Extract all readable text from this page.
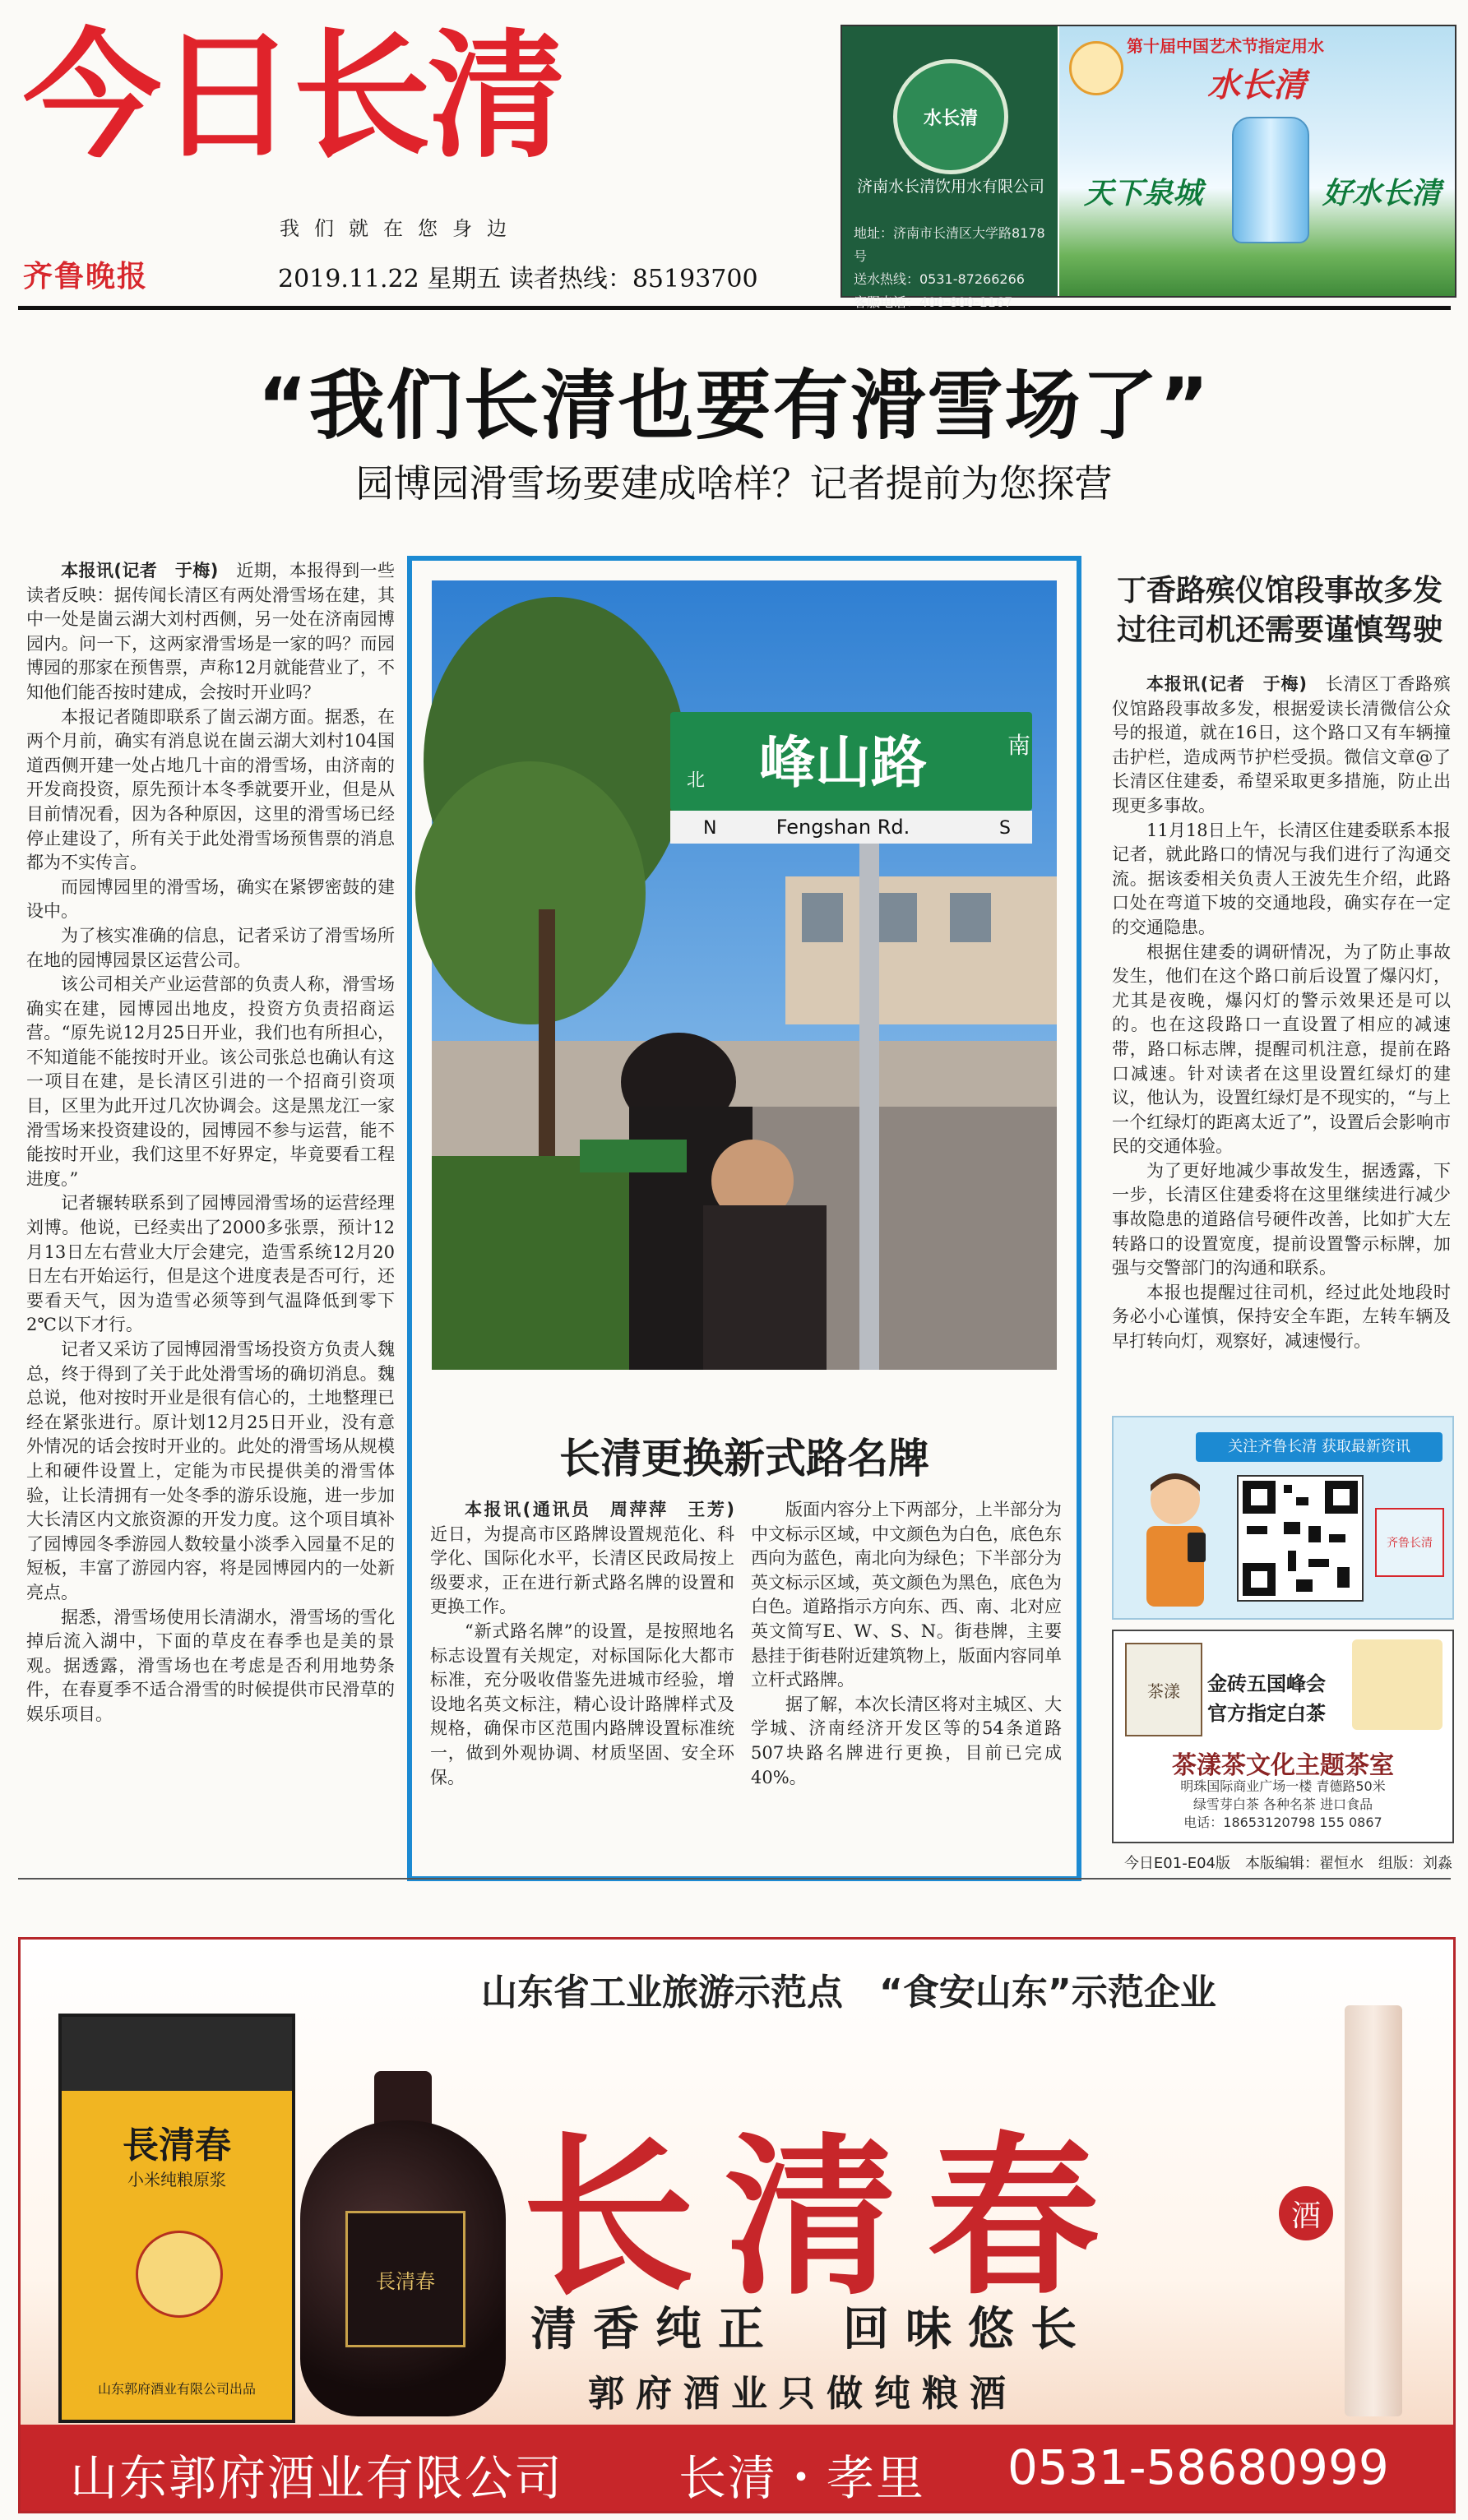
今日长清
我们就在您身边
齐鲁晚报	2019.11.22 星期五 读者热线：85193700
水长清
济南水长清饮用水有限公司
地址：济南市长清区大学路8178号
送水热线：0531-87266266
客服电话：400-800-1167
第十届中国艺术节指定用水
水长清
天下泉城	好水长清
“我们长清也要有滑雪场了”
园博园滑雪场要建成啥样？记者提前为您探营

本报讯(记者　于梅)　 近期，本报得到一些读者反映：据传闻长清区有两处滑雪场在建，其中一处是崮云湖大刘村西侧，另一处在济南园博园内。问一下，这两家滑雪场是一家的吗？而园博园的那家在预售票，声称12月就能营业了，不知他们能否按时建成，会按时开业吗？

本报记者随即联系了崮云湖方面。据悉，在两个月前，确实有消息说在崮云湖大刘村104国道西侧开建一处占地几十亩的滑雪场，由济南的开发商投资，原先预计本冬季就要开业，但是从目前情况看，因为各种原因，这里的滑雪场已经停止建设了，所有关于此处滑雪场预售票的消息都为不实传言。

而园博园里的滑雪场，确实在紧锣密鼓的建设中。

为了核实准确的信息，记者采访了滑雪场所在地的园博园景区运营公司。

该公司相关产业运营部的负责人称，滑雪场确实在建，园博园出地皮，投资方负责招商运营。“原先说12月25日开业，我们也有所担心，不知道能不能按时开业。该公司张总也确认有这一项目在建，是长清区引进的一个招商引资项目，区里为此开过几次协调会。这是黑龙江一家滑雪场来投资建设的，园博园不参与运营，能不能按时开业，我们这里不好界定，毕竟要看工程进度。”

记者辗转联系到了园博园滑雪场的运营经理刘博。他说，已经卖出了2000多张票，预计12月13日左右营业大厅会建完，造雪系统12月20日左右开始运行，但是这个进度表是否可行，还要看天气，因为造雪必须等到气温降低到零下2℃以下才行。

记者又采访了园博园滑雪场投资方负责人魏总，终于得到了关于此处滑雪场的确切消息。魏总说，他对按时开业是很有信心的，土地整理已经在紧张进行。原计划12月25日开业，没有意外情况的话会按时开业的。此处的滑雪场从规模上和硬件设置上，定能为市民提供美的滑雪体验，让长清拥有一处冬季的游乐设施，进一步加大长清区内文旅资源的开发力度。这个项目填补了园博园冬季游园人数较量小淡季入园量不足的短板，丰富了游园内容，将是园博园内的一处新亮点。

据悉，滑雪场使用长清湖水，滑雪场的雪化掉后流入湖中，下面的草皮在春季也是美的景观。据透露，滑雪场也在考虑是否利用地势条件，在春夏季不适合滑雪的时候提供市民滑草的娱乐项目。

峰山路	南
北
N	Fengshan Rd.	S
长清更换新式路名牌

本报讯(通讯员　周萍萍　王芳)　近日，为提高市区路牌设置规范化、科学化、国际化水平，长清区民政局按上级要求，正在进行新式路名牌的设置和更换工作。

“新式路名牌”的设置，是按照地名标志设置有关规定，对标国际化大都市标准，充分吸收借鉴先进城市经验，增设地名英文标注，精心设计路牌样式及规格，确保市区范围内路牌设置标准统一，做到外观协调、材质坚固、安全环保。

版面内容分上下两部分，上半部分为中文标示区域，中文颜色为白色，底色东西向为蓝色，南北向为绿色；下半部分为英文标示区域，英文颜色为黑色，底色为白色。道路指示方向东、西、南、北对应英文简写E、W、S、N。街巷牌，主要悬挂于街巷附近建筑物上，版面内容同单立杆式路牌。

据了解，本次长清区将对主城区、大学城、济南经济开发区等的54条道路507块路名牌进行更换，目前已完成40%。

丁香路殡仪馆段事故多发
过往司机还需要谨慎驾驶

本报讯(记者　于梅)　 长清区丁香路殡仪馆路段事故多发，根据爱读长清微信公众号的报道，就在16日，这个路口又有车辆撞击护栏，造成两节护栏受损。微信文章@了长清区住建委，希望采取更多措施，防止出现更多事故。

11月18日上午，长清区住建委联系本报记者，就此路口的情况与我们进行了沟通交流。据该委相关负责人王波先生介绍，此路口处在弯道下坡的交通地段，确实存在一定的交通隐患。

根据住建委的调研情况，为了防止事故发生，他们在这个路口前后设置了爆闪灯，尤其是夜晚，爆闪灯的警示效果还是可以的。也在这段路口一直设置了相应的减速带，路口标志牌，提醒司机注意，提前在路口减速。针对读者在这里设置红绿灯的建议，他认为，设置红绿灯是不现实的，“与上一个红绿灯的距离太近了”，设置后会影响市民的交通体验。

为了更好地减少事故发生，据透露，下一步，长清区住建委将在这里继续进行减少事故隐患的道路信号硬件改善，比如扩大左转路口的设置宽度，提前设置警示标牌，加强与交警部门的沟通和联系。

本报也提醒过往司机，经过此处地段时务必小心谨慎，保持安全车距，左转车辆及早打转向灯，观察好，减速慢行。

关注齐鲁长清 获取最新资讯
齐鲁长清
茶漾	金砖五国峰会
官方指定白茶
茶漾茶文化主题茶室
明珠国际商业广场一楼 青德路50米
绿雪芽白茶 各种名茶 进口食品
电话：18653120798 155 0867
今日E01-E04版　本版编辑：翟恒水　组版：刘淼
山东省工业旅游示范点　“食安山东”示范企业
長清春
小米纯粮原浆
山东郭府酒业有限公司出品
長清春 长清春	酒
清香纯正　回味悠长
郭府酒业只做纯粮酒
山东郭府酒业有限公司 长清・孝里 0531-58680999
